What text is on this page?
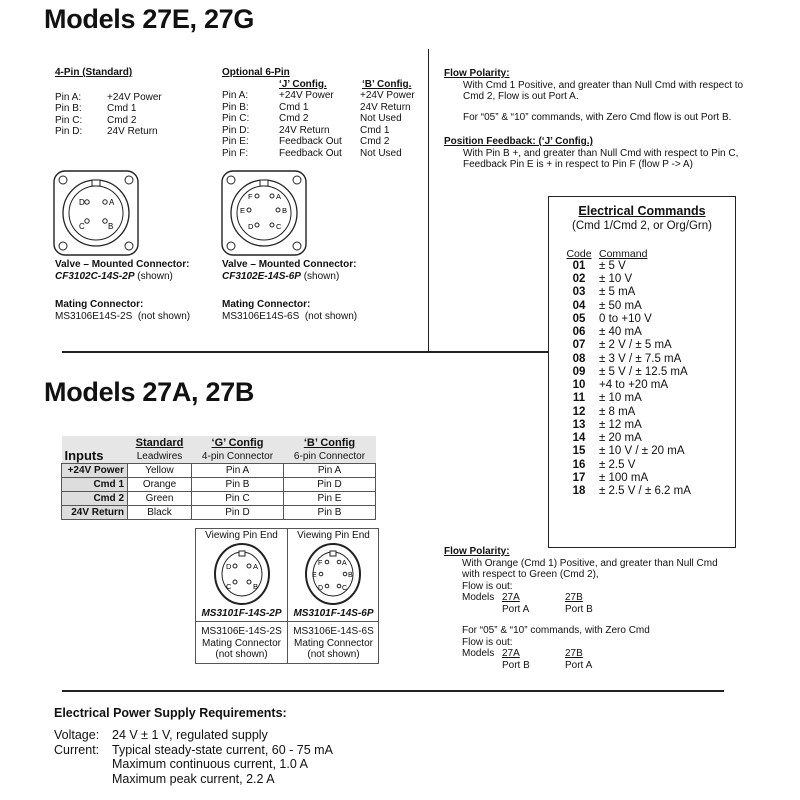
Models 27E, 27G
4-Pin (Standard)
Pin A:	+24V Power
Pin B:	Cmd 1
Pin C:	Cmd 2
Pin D:	24V Return
D	A
C	B
Valve – Mounted Connector:
CF3102C-14S-2P (shown)
Mating Connector:
MS3106E14S-2S (not shown)
Optional 6-Pin
‘J’ Config.	‘B’ Config.
Pin A:	+24V Power	+24V Power
Pin B:	Cmd 1	24V Return
Pin C:	Cmd 2	Not Used
Pin D:	24V Return	Cmd 1
Pin E:	Feedback Out	Cmd 2
Pin F:	Feedback Out	Not Used
F	A
E	B
D	C
Valve – Mounted Connector:
CF3102E-14S-6P (shown)
Mating Connector:
MS3106E14S-6S (not shown)
Flow Polarity:
With Cmd 1 Positive, and greater than Null Cmd with respect to
Cmd 2, Flow is out Port A.
For “05” & “10” commands, with Zero Cmd flow is out Port B.
Position Feedback: (‘J’ Config.)
With Pin B +, and greater than Null Cmd with respect to Pin C,
Feedback Pin E is + in respect to Pin F (flow P -> A)
Electrical Commands
(Cmd 1/Cmd 2, or Org/Grn)
Code Command
01	± 5 V
02	± 10 V
03	± 5 mA
04	± 50 mA
05	0 to +10 V
06	± 40 mA
07	± 2 V / ± 5 mA
08	± 3 V / ± 7.5 mA
09	± 5 V / ± 12.5 mA
10	+4 to +20 mA
11	± 10 mA
12	± 8 mA
13	± 12 mA
14	± 20 mA
15	± 10 V / ± 20 mA
16	± 2.5 V
17	± 100 mA
18	± 2.5 V / ± 6.2 mA
Models 27A, 27B
Inputs	Standard	‘G’ Config	‘B’ Config
	Leadwires	4-pin Connector	6-pin Connector
+24V Power	Yellow	Pin A	Pin A
Cmd 1	Orange	Pin B	Pin D
Cmd 2	Green	Pin C	Pin E
24V Return	Black	Pin D	Pin B
Viewing Pin End	Viewing Pin End
D	A
C	B
F	A
E	B
D	C
MS3101F-14S-2P	MS3101F-14S-6P
MS3106E-14S-2S
Mating Connector
(not shown)
MS3106E-14S-6S
Mating Connector
(not shown)
Flow Polarity:
With Orange (Cmd 1) Positive, and greater than Null Cmd
with respect to Green (Cmd 2),
Flow is out:
Models 27A	27B
Port A	Port B
For “05” & “10” commands, with Zero Cmd
Flow is out:
Models 27A	27B
Port B	Port A
Electrical Power Supply Requirements:
Voltage:	24 V ± 1 V, regulated supply
Current:	Typical steady-state current, 60 - 75 mA
Maximum continuous current, 1.0 A
Maximum peak current, 2.2 A
